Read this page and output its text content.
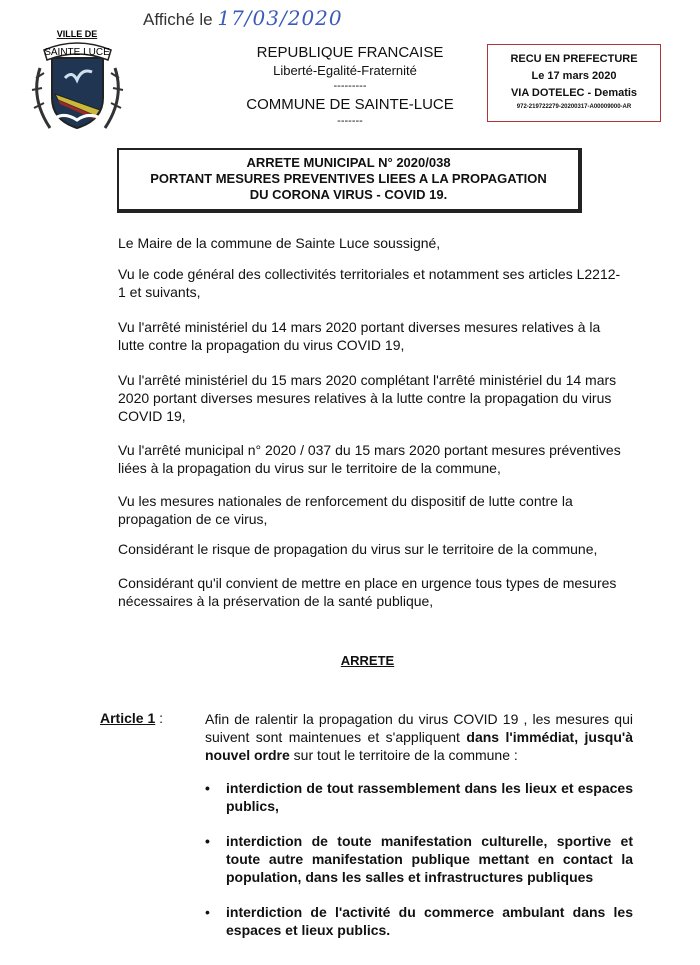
Affiché le 17/03/2020
VILLE DE
SAINTE LUCE	REPUBLIQUE FRANCAISE
Liberté-Egalité-Fraternité
---------
COMMUNE DE SAINTE-LUCE
-------
RECU EN PREFECTURE
Le 17 mars 2020
VIA DOTELEC - Dematis
972-219722279-20200317-A00009000-AR
ARRETE MUNICIPAL N° 2020/038
PORTANT MESURES PREVENTIVES LIEES A LA PROPAGATION
DU CORONA VIRUS - COVID 19.
Le Maire de la commune de Sainte Luce soussigné,
Vu le code général des collectivités territoriales et notamment ses articles L2212-1 et suivants,
Vu l'arrêté ministériel du 14 mars 2020 portant diverses mesures relatives à la lutte contre la propagation du virus COVID 19,
Vu l'arrêté ministériel du 15 mars 2020 complétant l'arrêté ministériel du 14 mars 2020 portant diverses mesures relatives à la lutte contre la propagation du virus COVID 19,
Vu l'arrêté municipal n° 2020 / 037 du 15 mars 2020 portant mesures préventives liées à la propagation du virus sur le territoire de la commune,
Vu les mesures nationales de renforcement du dispositif de lutte contre la propagation de ce virus,
Considérant le risque de propagation du virus sur le territoire de la commune,
Considérant qu'il convient de mettre en place en urgence tous types de mesures nécessaires à la préservation de la santé publique,
ARRETE
Article 1 :	Afin de ralentir la propagation du virus COVID 19 , les mesures qui suivent sont maintenues et s'appliquent dans l'immédiat, jusqu'à nouvel ordre sur tout le territoire de la commune :
• interdiction de tout rassemblement dans les lieux et espaces publics,
• interdiction de toute manifestation culturelle, sportive et toute autre manifestation publique mettant en contact la population, dans les salles et infrastructures publiques
• interdiction de l'activité du commerce ambulant dans les espaces et lieux publics.
